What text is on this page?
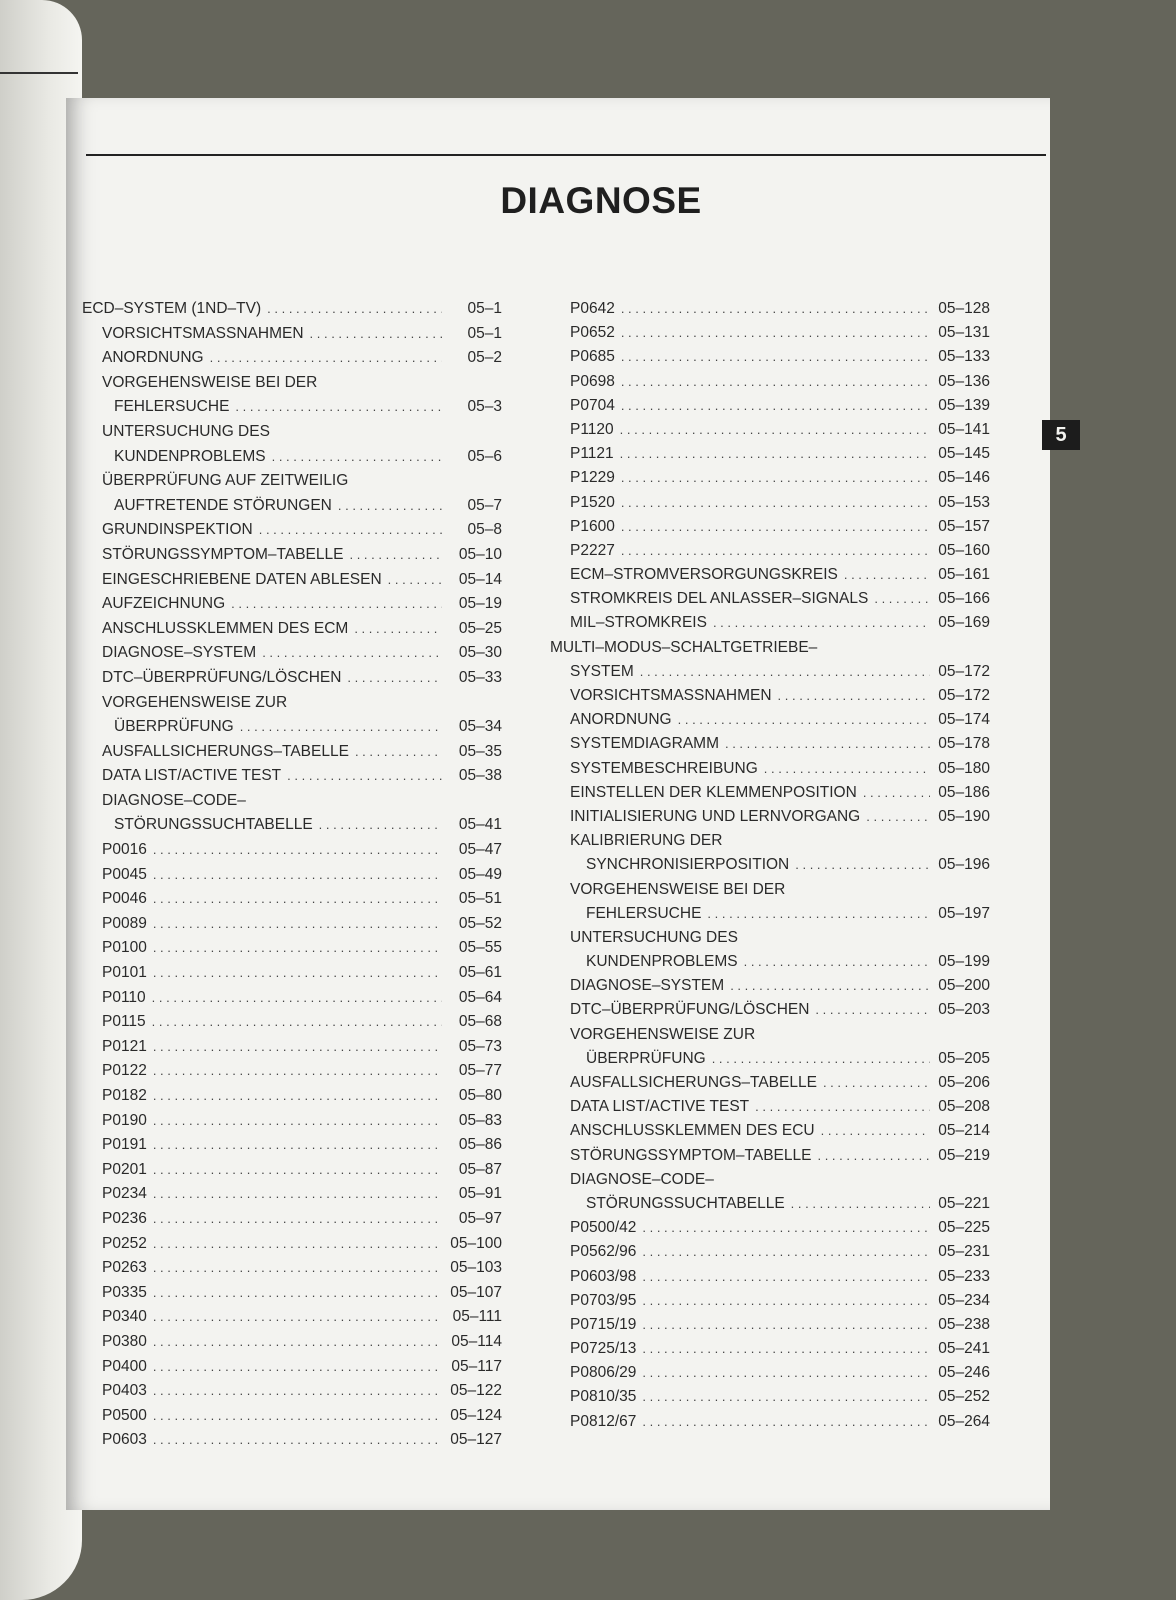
DIAGNOSE
ECD–SYSTEM (1ND–TV) . . .	05–1
VORSICHTSMASSNAHMEN . . .	05–1
ANORDNUNG . . .	05–2
VORGEHENSWEISE BEI DER
FEHLERSUCHE . . .	05–3
UNTERSUCHUNG DES
KUNDENPROBLEMS . . .	05–6
ÜBERPRÜFUNG AUF ZEITWEILIG
AUFTRETENDE STÖRUNGEN . . .	05–7
GRUNDINSPEKTION . . .	05–8
STÖRUNGSSYMPTOM–TABELLE . . .	05–10
EINGESCHRIEBENE DATEN ABLESEN . . .	05–14
AUFZEICHNUNG . . .	05–19
ANSCHLUSSKLEMMEN DES ECM . . .	05–25
DIAGNOSE–SYSTEM . . .	05–30
DTC–ÜBERPRÜFUNG/LÖSCHEN . . .	05–33
VORGEHENSWEISE ZUR
ÜBERPRÜFUNG . . .	05–34
AUSFALLSICHERUNGS–TABELLE . . .	05–35
DATA LIST/ACTIVE TEST . . .	05–38
DIAGNOSE–CODE–
STÖRUNGSSUCHTABELLE . . .	05–41
P0016 . . .	05–47
P0045 . . .	05–49
P0046 . . .	05–51
P0089 . . .	05–52
P0100 . . .	05–55
P0101 . . .	05–61
P0110 . . .	05–64
P0115 . . .	05–68
P0121 . . .	05–73
P0122 . . .	05–77
P0182 . . .	05–80
P0190 . . .	05–83
P0191 . . .	05–86
P0201 . . .	05–87
P0234 . . .	05–91
P0236 . . .	05–97
P0252 . . .	05–100
P0263 . . .	05–103
P0335 . . .	05–107
P0340 . . .	05–111
P0380 . . .	05–114
P0400 . . .	05–117
P0403 . . .	05–122
P0500 . . .	05–124
P0603 . . .	05–127
P0642 . . .	05–128
P0652 . . .	05–131
P0685 . . .	05–133
P0698 . . .	05–136
P0704 . . .	05–139
P1120 . . .	05–141
P1121 . . .	05–145
P1229 . . .	05–146
P1520 . . .	05–153
P1600 . . .	05–157
P2227 . . .	05–160
ECM–STROMVERSORGUNGSKREIS . . .	05–161
STROMKREIS DEL ANLASSER–SIGNALS . . .	05–166
MIL–STROMKREIS . . .	05–169
MULTI–MODUS–SCHALTGETRIEBE–
SYSTEM . . .	05–172
VORSICHTSMASSNAHMEN . . .	05–172
ANORDNUNG . . .	05–174
SYSTEMDIAGRAMM . . .	05–178
SYSTEMBESCHREIBUNG . . .	05–180
EINSTELLEN DER KLEMMENPOSITION . . .	05–186
INITIALISIERUNG UND LERNVORGANG . . .	05–190
KALIBRIERUNG DER
SYNCHRONISIERPOSITION . . .	05–196
VORGEHENSWEISE BEI DER
FEHLERSUCHE . . .	05–197
UNTERSUCHUNG DES
KUNDENPROBLEMS . . .	05–199
DIAGNOSE–SYSTEM . . .	05–200
DTC–ÜBERPRÜFUNG/LÖSCHEN . . .	05–203
VORGEHENSWEISE ZUR
ÜBERPRÜFUNG . . .	05–205
AUSFALLSICHERUNGS–TABELLE . . .	05–206
DATA LIST/ACTIVE TEST . . .	05–208
ANSCHLUSSKLEMMEN DES ECU . . .	05–214
STÖRUNGSSYMPTOM–TABELLE . . .	05–219
DIAGNOSE–CODE–
STÖRUNGSSUCHTABELLE . . .	05–221
P0500/42 . . .	05–225
P0562/96 . . .	05–231
P0603/98 . . .	05–233
P0703/95 . . .	05–234
P0715/19 . . .	05–238
P0725/13 . . .	05–241
P0806/29 . . .	05–246
P0810/35 . . .	05–252
P0812/67 . . .	05–264
5
